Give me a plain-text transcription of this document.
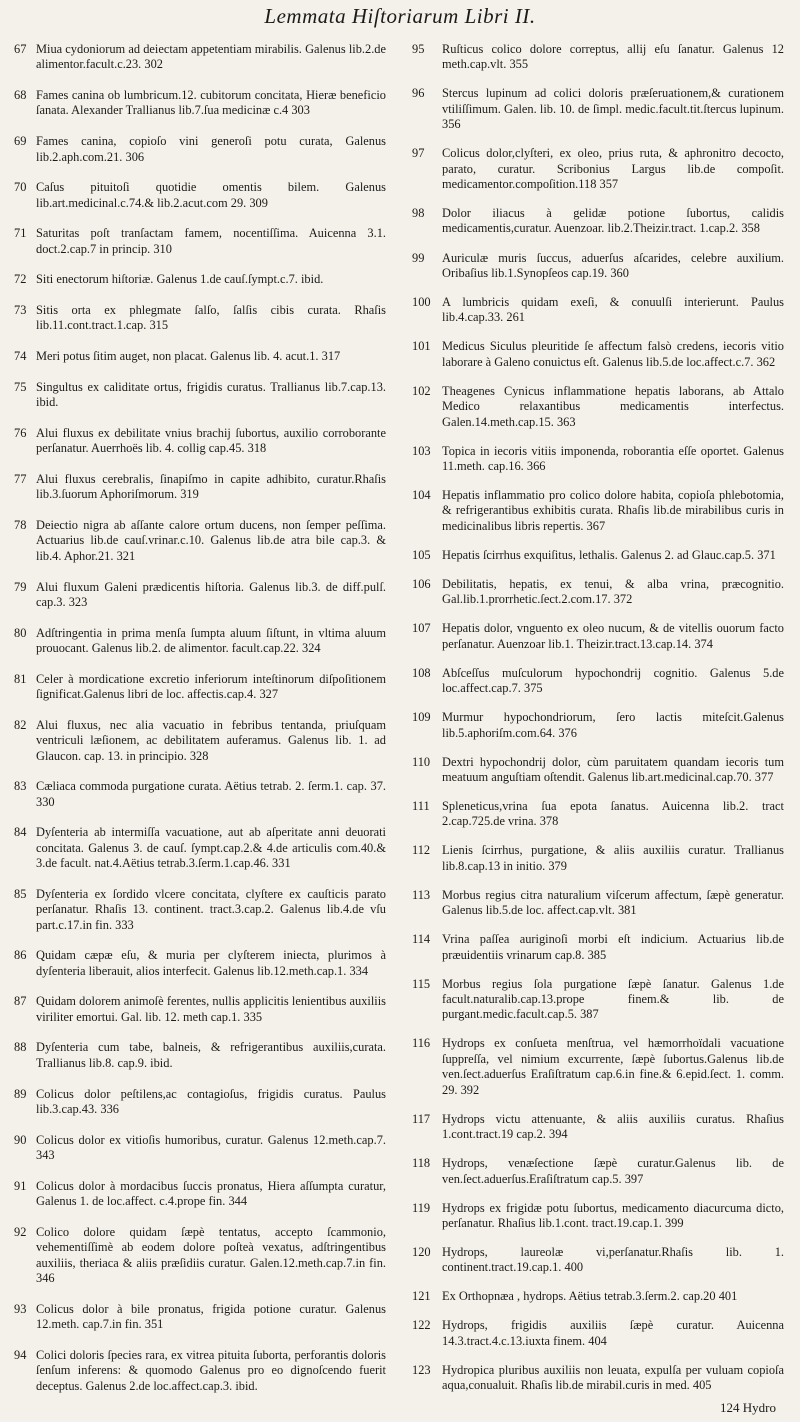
Lemmata Hiſtoriarum Libri II.
67 Miua cydoniorum ad deiectam appetentiam mirabilis. Galenus lib.2.de alimentor.facult.c.23. 302
68 Fames canina ob lumbricum.12. cubitorum concitata, Hieræ beneficio ſanata. Alexander Trallianus lib.7.ſua medicinæ c.4 303
69 Fames canina, copioſo vini generoſi potu curata, Galenus lib.2.aph.com.21. 306
70 Caſus pituitoſi quotidie omentis bilem. Galenus lib.art.medicinal.c.74.& lib.2.acut.com 29. 309
71 Saturitas poſt tranſactam famem, nocentiſſima. Auicenna 3.1. doct.2.cap.7 in princip. 310
72 Siti enectorum hiſtoriæ. Galenus 1.de cauſ.ſympt.c.7. ibid.
73 Sitis orta ex phlegmate ſalſo, ſalſis cibis curata. Rhaſis lib.11.cont.tract.1.cap. 315
74 Meri potus ſitim auget, non placat. Galenus lib. 4. acut.1. 317
75 Singultus ex caliditate ortus, frigidis curatus. Trallianus lib.7.cap.13. ibid.
76 Alui fluxus ex debilitate vnius brachij ſubortus, auxilio corroborante perſanatur. Auerrhoës lib. 4. collig cap.45. 318
77 Alui fluxus cerebralis, ſinapiſmo in capite adhibito, curatur.Rhaſis lib.3.ſuorum Aphoriſmorum. 319
78 Deiectio nigra ab aſſante calore ortum ducens, non ſemper peſſima. Actuarius lib.de cauſ.vrinar.c.10. Galenus lib.de atra bile cap.3. & lib.4. Aphor.21. 321
79 Alui fluxum Galeni prædicentis hiſtoria. Galenus lib.3. de diff.pulſ. cap.3. 323
80 Adſtringentia in prima menſa ſumpta aluum ſiſtunt, in vltima aluum prouocant. Galenus lib.2. de alimentor. facult.cap.22. 324
81 Celer à mordicatione excretio inferiorum inteſtinorum diſpoſitionem ſignificat.Galenus libri de loc. affectis.cap.4. 327
82 Alui fluxus, nec alia vacuatio in febribus tentanda, priuſquam ventriculi læſionem, ac debilitatem auferamus. Galenus lib. 1. ad Glaucon. cap. 13. in principio. 328
83 Cæliaca commoda purgatione curata. Aëtius tetrab. 2. ſerm.1. cap. 37. 330
84 Dyſenteria ab intermiſſa vacuatione, aut ab aſperitate anni deuorati concitata. Galenus 3. de cauſ. ſympt.cap.2.& 4.de articulis com.40.& 3.de facult. nat.4.Aëtius tetrab.3.ſerm.1.cap.46. 331
85 Dyſenteria ex ſordido vlcere concitata, clyſtere ex cauſticis parato perſanatur. Rhaſis 13. continent. tract.3.cap.2. Galenus lib.4.de vſu part.c.17.in fin. 333
86 Quidam cæpæ eſu, & muria per clyſterem iniecta, plurimos à dyſenteria liberauit, alios interfecit. Galenus lib.12.meth.cap.1. 334
87 Quidam dolorem animoſè ferentes, nullis applicitis lenientibus auxiliis viriliter emortui. Gal. lib. 12. meth cap.1. 335
88 Dyſenteria cum tabe, balneis, & refrigerantibus auxiliis,curata. Trallianus lib.8. cap.9. ibid.
89 Colicus dolor peſtilens,ac contagioſus, frigidis curatus. Paulus lib.3.cap.43. 336
90 Colicus dolor ex vitioſis humoribus, curatur. Galenus 12.meth.cap.7. 343
91 Colicus dolor à mordacibus ſuccis pronatus, Hiera aſſumpta curatur, Galenus 1. de loc.affect. c.4.prope fin. 344
92 Colico dolore quidam ſæpè tentatus, accepto ſcammonio, vehementiſſimè ab eodem dolore poſteà vexatus, adſtringentibus auxiliis, theriaca & aliis præſidiis curatur. Galen.12.meth.cap.7.in fin. 346
93 Colicus dolor à bile pronatus, frigida potione curatur. Galenus 12.meth. cap.7.in fin. 351
94 Colici doloris ſpecies rara, ex vitrea pituita ſuborta, perforantis doloris ſenſum inferens: & quomodo Galenus pro eo dignoſcendo fuerit deceptus. Galenus 2.de loc.affect.cap.3. ibid.
95	Ruſticus colico dolore correptus, allij eſu ſanatur. Galenus 12 meth.cap.vlt. 355
96	Stercus lupinum ad colici doloris præſeruationem,& curationem vtiliſſimum. Galen. lib. 10. de ſimpl. medic.facult.tit.ſtercus lupinum. 356
97	Colicus dolor,clyſteri, ex oleo, prius ruta, & aphronitro decocto, parato, curatur. Scribonius Largus lib.de compoſit. medicamentor.compoſition.118 357
98	Dolor iliacus à gelidæ potione ſubortus, calidis medicamentis,curatur. Auenzoar. lib.2.Theizir.tract. 1.cap.2. 358
99	Auriculæ muris ſuccus, aduerſus aſcarides, celebre auxilium. Oribaſius lib.1.Synopſeos cap.19. 360
100 A lumbricis quidam exeſi, & conuulſi interierunt. Paulus lib.4.cap.33. 261
101 Medicus Siculus pleuritide ſe affectum falsò credens, iecoris vitio laborare à Galeno conuictus eſt. Galenus lib.5.de loc.affect.c.7. 362
102 Theagenes Cynicus inflammatione hepatis laborans, ab Attalo Medico relaxantibus medicamentis interfectus. Galen.14.meth.cap.15. 363
103 Topica in iecoris vitiis imponenda, roborantia eſſe oportet. Galenus 11.meth. cap.16. 366
104 Hepatis inflammatio pro colico dolore habita, copioſa phlebotomia, & refrigerantibus exhibitis curata. Rhaſis lib.de mirabilibus curis in medicinalibus libris repertis. 367
105 Hepatis ſcirrhus exquiſitus, lethalis. Galenus 2. ad Glauc.cap.5. 371
106 Debilitatis, hepatis, ex tenui, & alba vrina, præcognitio. Gal.lib.1.prorrhetic.ſect.2.com.17. 372
107 Hepatis dolor, vnguento ex oleo nucum, & de vitellis ouorum facto perſanatur. Auenzoar lib.1. Theizir.tract.13.cap.14. 374
108 Abſceſſus muſculorum hypochondrij cognitio. Galenus 5.de loc.affect.cap.7. 375
109 Murmur hypochondriorum, ſero lactis miteſcit.Galenus lib.5.aphoriſm.com.64. 376
110 Dextri hypochondrij dolor, cùm paruitatem quandam iecoris tum meatuum anguſtiam oſtendit. Galenus lib.art.medicinal.cap.70. 377
111 Spleneticus,vrina ſua epota ſanatus. Auicenna lib.2. tract 2.cap.725.de vrina. 378
112 Lienis ſcirrhus, purgatione, & aliis auxiliis curatur. Trallianus lib.8.cap.13 in initio. 379
113 Morbus regius citra naturalium viſcerum affectum, ſæpè generatur. Galenus lib.5.de loc. affect.cap.vlt. 381
114 Vrina paſſea auriginoſi morbi eſt indicium. Actuarius lib.de præuidentiis vrinarum cap.8. 385
115 Morbus regius ſola purgatione ſæpè ſanatur. Galenus 1.de facult.naturalib.cap.13.prope finem.& lib. de purgant.medic.facult.cap.5. 387
116 Hydrops ex conſueta menſtrua, vel hæmorrhoïdali vacuatione ſuppreſſa, vel nimium excurrente, ſæpè ſubortus.Galenus lib.de ven.ſect.aduerſus Eraſiſtratum cap.6.in fine.& 6.epid.ſect. 1. comm. 29. 392
117 Hydrops victu attenuante, & aliis auxiliis curatus. Rhaſius 1.cont.tract.19 cap.2. 394
118 Hydrops, venæſectione ſæpè curatur.Galenus lib. de ven.ſect.aduerſus.Eraſiſtratum cap.5. 397
119 Hydrops ex frigidæ potu ſubortus, medicamento diacurcuma dicto, perſanatur. Rhaſius lib.1.cont. tract.19.cap.1. 399
120 Hydrops, laureolæ vi,perſanatur.Rhaſis lib. 1. continent.tract.19.cap.1. 400
121 Ex Orthopnæa , hydrops. Aëtius tetrab.3.ſerm.2. cap.20 401
122 Hydrops, frigidis auxiliis ſæpè curatur. Auicenna 14.3.tract.4.c.13.iuxta finem. 404
123 Hydropica pluribus auxiliis non leuata, expulſa per vuluam copioſa aqua,conualuit. Rhaſis lib.de mirabil.curis in med. 405
124 Hydro
